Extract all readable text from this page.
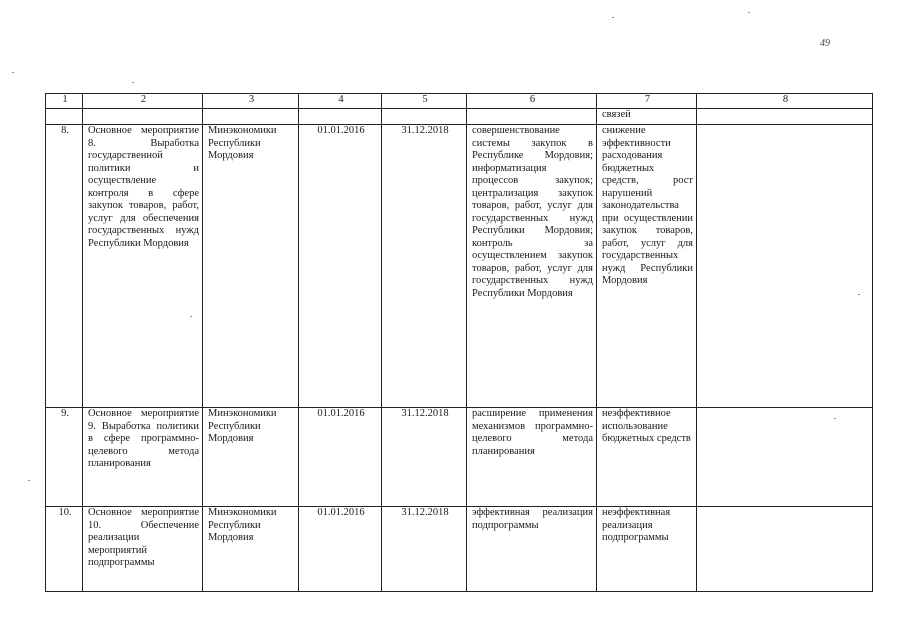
49
1	2	3	4	5	6	7	8
						связей	
8.	Основное мероприятие 8. Выработка государственной политики и осуществление контроля в сфере закупок товаров, работ, услуг для обеспечения государственных нужд Республики Мордовия	Минэкономики Республики Мордовия	01.01.2016	31.12.2018	совершенствование системы закупок в Республике Мордовия; информатизация процессов закупок; централизация закупок товаров, работ, услуг для государственных нужд Республики Мордовия; контроль за осуществлением закупок товаров, работ, услуг для государственных нужд Республики Мордовия	снижение эффективности расходования бюджетных средств, рост нарушений законодательства при осуществлении закупок товаров, работ, услуг для государственных нужд Республики Мордовия	
9.	Основное мероприятие 9. Выработка политики в сфере программно-целевого метода планирования	Минэкономики Республики Мордовия	01.01.2016	31.12.2018	расширение применения механизмов программно-целевого метода планирования	неэффективное использование бюджетных средств	
10.	Основное мероприятие 10. Обеспечение реализации мероприятий подпрограммы	Минэкономики Республики Мордовия	01.01.2016	31.12.2018	эффективная реализация подпрограммы	неэффективная реализация подпрограммы	
